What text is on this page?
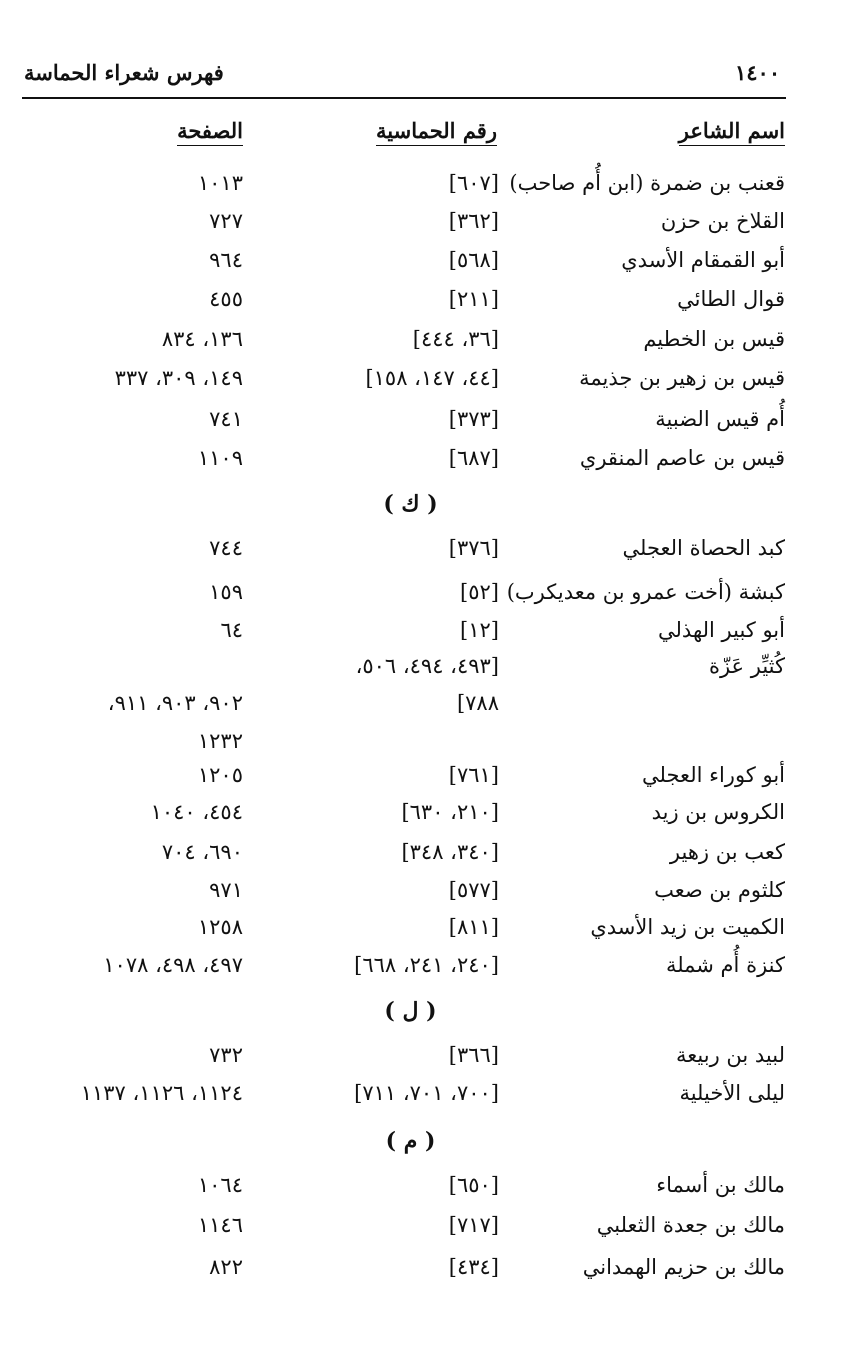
فهرس شعراء الحماسة	١٤٠٠
اسم الشاعر
رقم الحماسية
الصفحة
قعنب بن ضمرة (ابن أُم صاحب)
[٦٠٧]
١٠١٣
القلاخ بن حزن
[٣٦٢]
٧٢٧
أبو القمقام الأسدي
[٥٦٨]
٩٦٤
قوال الطائي
[٢١١]
٤٥٥
قيس بن الخطيم
[٣٦، ٤٤٤]
١٣٦، ٨٣٤
قيس بن زهير بن جذيمة
[٤٤، ١٤٧، ١٥٨]
١٤٩، ٣٠٩، ٣٣٧
أُم قيس الضبية
[٣٧٣]
٧٤١
قيس بن عاصم المنقري
[٦٨٧]
١١٠٩
( ك )
كبد الحصاة العجلي
[٣٧٦]
٧٤٤
كبشة (أخت عمرو بن معديكرب)
[٥٢]
١٥٩
أبو كبير الهذلي
[١٢]
٦٤
كُثيِّر عَزّة
[٤٩٣، ٤٩٤، ٥٠٦،
٧٨٨]
٩٠٢، ٩٠٣، ٩١١،
١٢٣٢
أبو كوراء العجلي
[٧٦١]
١٢٠٥
الكروس بن زيد
[٢١٠، ٦٣٠]
٤٥٤، ١٠٤٠
كعب بن زهير
[٣٤٠، ٣٤٨]
٦٩٠، ٧٠٤
كلثوم بن صعب
[٥٧٧]
٩٧١
الكميت بن زيد الأسدي
[٨١١]
١٢٥٨
كنزة أُم شملة
[٢٤٠، ٢٤١، ٦٦٨]
٤٩٧، ٤٩٨، ١٠٧٨
( ل )
لبيد بن ربيعة
[٣٦٦]
٧٣٢
ليلى الأخيلية
[٧٠٠، ٧٠١، ٧١١]
١١٢٤، ١١٢٦، ١١٣٧
( م )
مالك بن أسماء
[٦٥٠]
١٠٦٤
مالك بن جعدة الثعلبي
[٧١٧]
١١٤٦
مالك بن حزيم الهمداني
[٤٣٤]
٨٢٢
